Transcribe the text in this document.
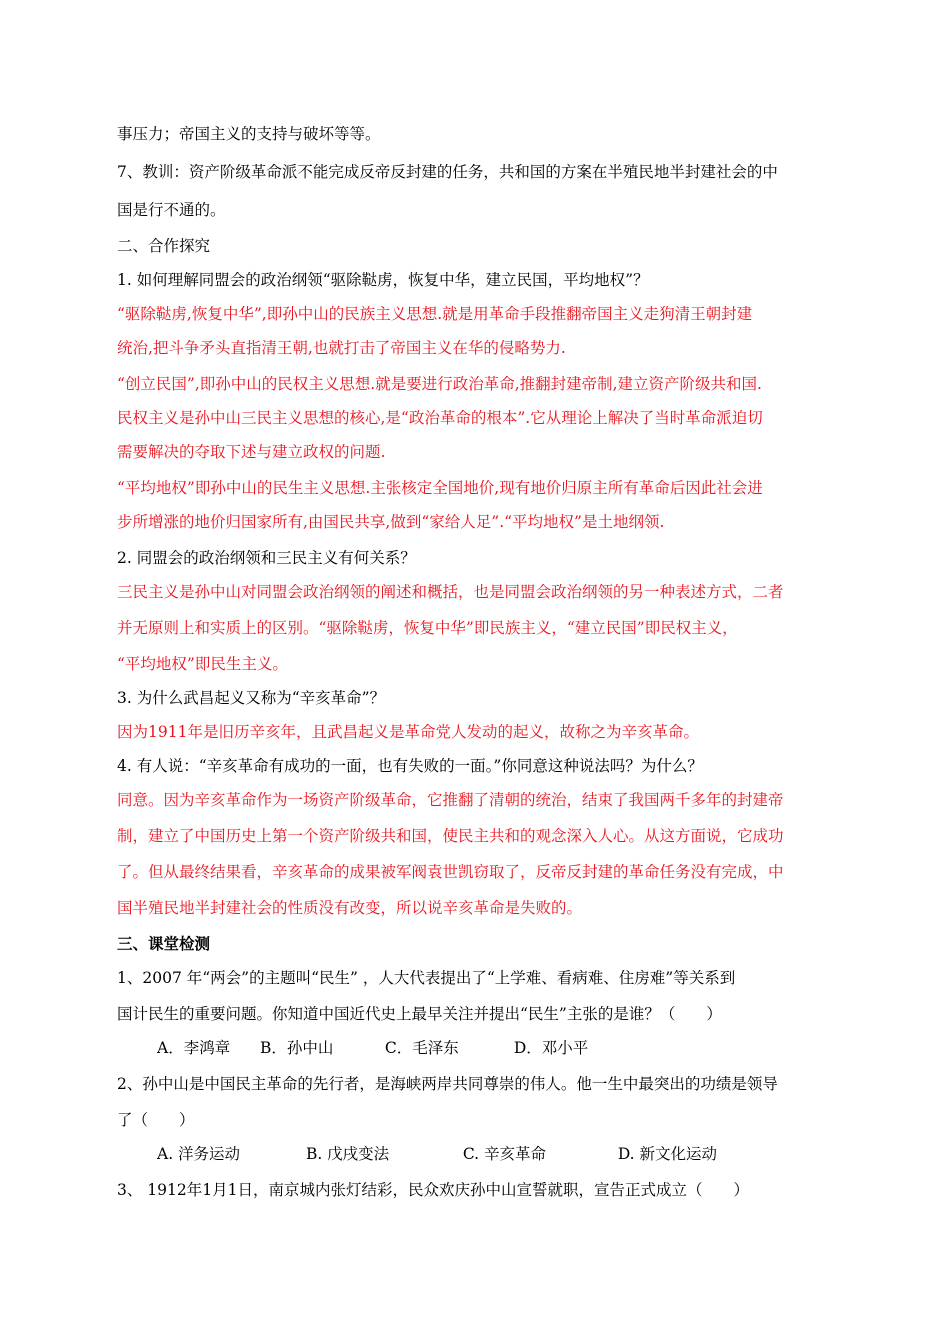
事压力；帝国主义的支持与破坏等等。
7、教训：资产阶级革命派不能完成反帝反封建的任务，共和国的方案在半殖民地半封建社会的中
国是行不通的。
二、合作探究
1. 如何理解同盟会的政治纲领“驱除鞑虏，恢复中华，建立民国，平均地权”？
“驱除鞑虏,恢复中华”,即孙中山的民族主义思想.就是用革命手段推翻帝国主义走狗清王朝封建
统治,把斗争矛头直指清王朝,也就打击了帝国主义在华的侵略势力.
“创立民国”,即孙中山的民权主义思想.就是要进行政治革命,推翻封建帝制,建立资产阶级共和国.
民权主义是孙中山三民主义思想的核心,是“政治革命的根本”.它从理论上解决了当时革命派迫切
需要解决的夺取下述与建立政权的问题.
“平均地权”即孙中山的民生主义思想.主张核定全国地价,现有地价归原主所有革命后因此社会进
步所增涨的地价归国家所有,由国民共享,做到“家给人足”.“平均地权”是土地纲领.
2. 同盟会的政治纲领和三民主义有何关系？
三民主义是孙中山对同盟会政治纲领的阐述和概括，也是同盟会政治纲领的另一种表述方式，二者
并无原则上和实质上的区别。“驱除鞑虏，恢复中华”即民族主义，“建立民国”即民权主义，
“平均地权”即民生主义。
3. 为什么武昌起义又称为“辛亥革命”？
因为1911年是旧历辛亥年，且武昌起义是革命党人发动的起义，故称之为辛亥革命。
4. 有人说：“辛亥革命有成功的一面，也有失败的一面。”你同意这种说法吗？为什么？
同意。因为辛亥革命作为一场资产阶级革命，它推翻了清朝的统治，结束了我国两千多年的封建帝
制，建立了中国历史上第一个资产阶级共和国，使民主共和的观念深入人心。从这方面说，它成功
了。但从最终结果看，辛亥革命的成果被军阀袁世凯窃取了，反帝反封建的革命任务没有完成，中
国半殖民地半封建社会的性质没有改变，所以说辛亥革命是失败的。
三、课堂检测
1、2007 年“两会”的主题叫“民生” ，人大代表提出了“上学难、看病难、住房难”等关系到
国计民生的重要问题。你知道中国近代史上最早关注并提出“民生”主张的是谁？（　　）
A．李鸿章 B．孙中山	C．毛泽东	D．邓小平
2、孙中山是中国民主革命的先行者，是海峡两岸共同尊崇的伟人。他一生中最突出的功绩是领导
了（　　）
A. 洋务运动	B. 戊戌变法	C. 辛亥革命	D. 新文化运动
3、 1912年1月1日，南京城内张灯结彩，民众欢庆孙中山宣誓就职，宣告正式成立（　　）
